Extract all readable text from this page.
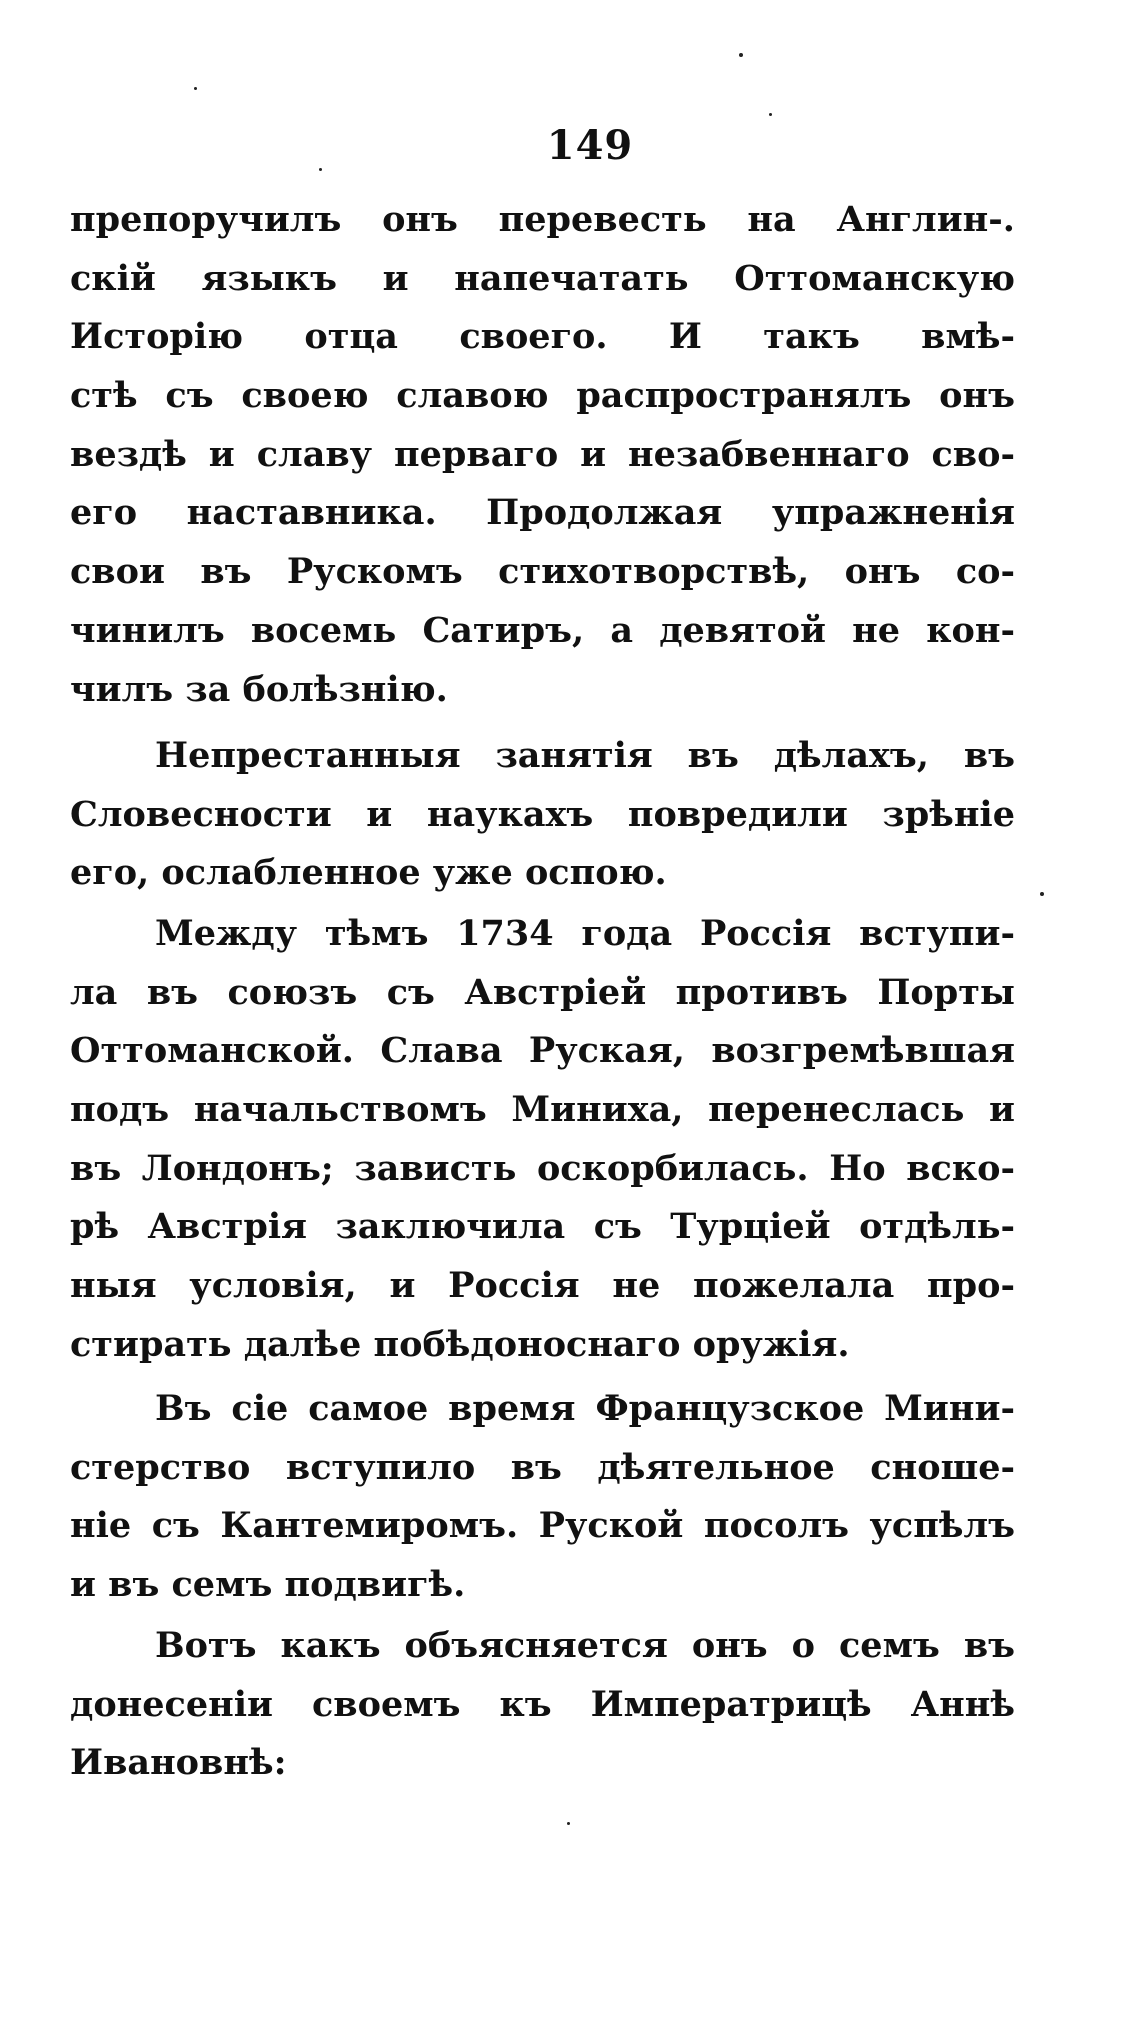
149
препоручилъ онъ перевесть на Англин-.
скій языкъ и напечатать Оттоманскую
Исторію отца своего. И такъ вмѣ-
стѣ съ своею славою распространялъ онъ
вездѣ и славу перваго и незабвеннаго сво-
его наставника. Продолжая упражненія
свои въ Рускомъ стихотворствѣ, онъ со-
чинилъ восемь Сатиръ, а девятой не кон-
чилъ за болѣзнію.
Непрестанныя занятія въ дѣлахъ, въ
Словесности и наукахъ повредили зрѣніе
его, ослабленное уже оспою.
Между тѣмъ 1734 года Россія вступи-
ла въ союзъ съ Австріей противъ Порты
Оттоманской. Слава Руская, возгремѣвшая
подъ начальствомъ Миниха, перенеслась и
въ Лондонъ; зависть оскорбилась. Но вско-
рѣ Австрія заключила съ Турціей отдѣль-
ныя условія, и Россія не пожелала про-
стирать далѣе побѣдоноснаго оружія.
Въ сіе самое время Французское Мини-
стерство вступило въ дѣятельное сноше-
ніе съ Кантемиромъ. Руской посолъ успѣлъ
и въ семъ подвигѣ.
Вотъ какъ объясняется онъ о семъ въ
донесеніи своемъ къ Императрицѣ Аннѣ
Ивановнѣ:
